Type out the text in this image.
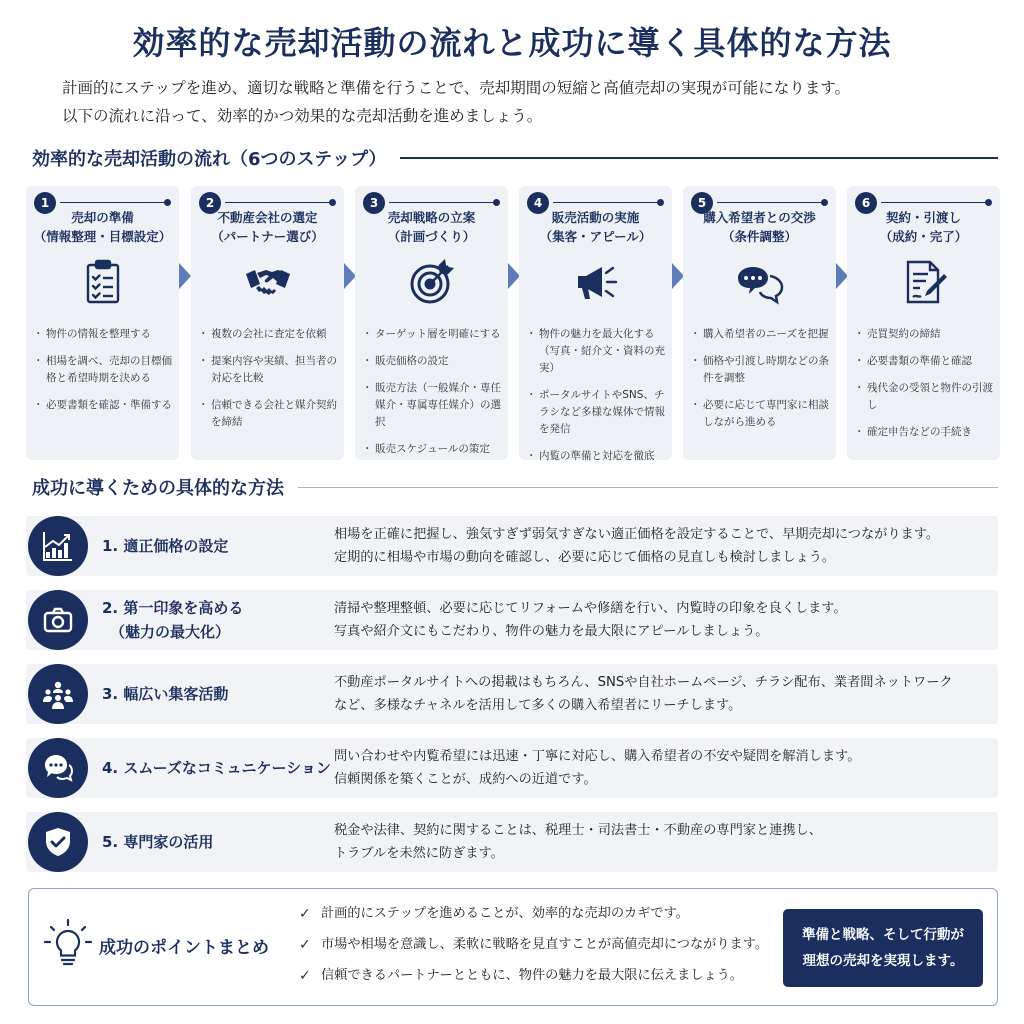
効率的な売却活動の流れと成功に導く具体的な方法
計画的にステップを進め、適切な戦略と準備を行うことで、売却期間の短縮と高値売却の実現が可能になります。
以下の流れに沿って、効率的かつ効果的な売却活動を進めましょう。
効率的な売却活動の流れ（6つのステップ）
1
売却の準備
（情報整理・目標設定）
・ 物件の情報を整理する
・ 相場を調べ、売却の目標価格と希望時期を決める
・ 必要書類を確認・準備する
2
不動産会社の選定
（パートナー選び）
・ 複数の会社に査定を依頼
・ 提案内容や実績、担当者の対応を比較
・ 信頼できる会社と媒介契約を締結
3
売却戦略の立案
（計画づくり）
・ ターゲット層を明確にする
・ 販売価格の設定
・ 販売方法（一般媒介・専任媒介・専属専任媒介）の選択
・ 販売スケジュールの策定
4
販売活動の実施
（集客・アピール）
・ 物件の魅力を最大化する（写真・紹介文・資料の充実）
・ ポータルサイトやSNS、チラシなど多様な媒体で情報を発信
・ 内覧の準備と対応を徹底
5
購入希望者との交渉
（条件調整）
・ 購入希望者のニーズを把握
・ 価格や引渡し時期などの条件を調整
・ 必要に応じて専門家に相談しながら進める
6
契約・引渡し
（成約・完了）
・ 売買契約の締結
・ 必要書類の準備と確認
・ 残代金の受領と物件の引渡し
・ 確定申告などの手続き
成功に導くための具体的な方法
1. 適正価格の設定
相場を正確に把握し、強気すぎず弱気すぎない適正価格を設定することで、早期売却につながります。
定期的に相場や市場の動向を確認し、必要に応じて価格の見直しも検討しましょう。
2. 第一印象を高める
（魅力の最大化）
清掃や整理整頓、必要に応じてリフォームや修繕を行い、内覧時の印象を良くします。
写真や紹介文にもこだわり、物件の魅力を最大限にアピールしましょう。
3. 幅広い集客活動
不動産ポータルサイトへの掲載はもちろん、SNSや自社ホームページ、チラシ配布、業者間ネットワーク
など、多様なチャネルを活用して多くの購入希望者にリーチします。
4. スムーズなコミュニケーション
問い合わせや内覧希望には迅速・丁寧に対応し、購入希望者の不安や疑問を解消します。
信頼関係を築くことが、成約への近道です。
5. 専門家の活用
税金や法律、契約に関することは、税理士・司法書士・不動産の専門家と連携し、
トラブルを未然に防ぎます。
成功のポイントまとめ
✓ 計画的にステップを進めることが、効率的な売却のカギです。
✓ 市場や相場を意識し、柔軟に戦略を見直すことが高値売却につながります。
✓ 信頼できるパートナーとともに、物件の魅力を最大限に伝えましょう。
準備と戦略、そして行動が
理想の売却を実現します。
